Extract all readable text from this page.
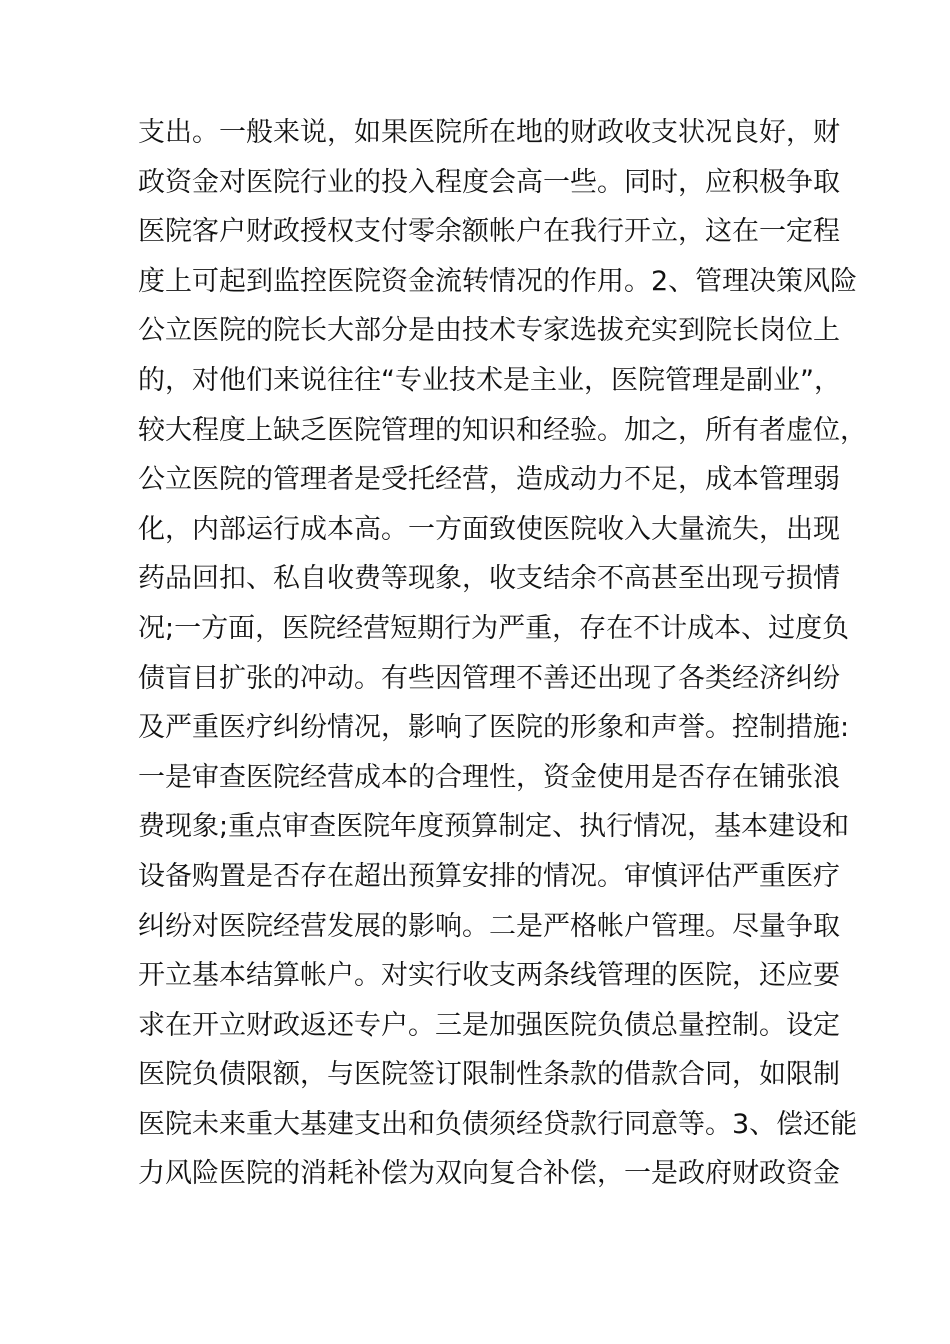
支出。一般来说，如果医院所在地的财政收支状况良好，财
政资金对医院行业的投入程度会高一些。同时，应积极争取
医院客户财政授权支付零余额帐户在我行开立，这在一定程
度上可起到监控医院资金流转情况的作用。2、管理决策风险
公立医院的院长大部分是由技术专家选拔充实到院长岗位上
的，对他们来说往往“专业技术是主业，医院管理是副业”，
较大程度上缺乏医院管理的知识和经验。加之，所有者虚位，
公立医院的管理者是受托经营，造成动力不足，成本管理弱
化，内部运行成本高。一方面致使医院收入大量流失，出现
药品回扣、私自收费等现象，收支结余不高甚至出现亏损情
况;一方面，医院经营短期行为严重，存在不计成本、过度负
债盲目扩张的冲动。有些因管理不善还出现了各类经济纠纷
及严重医疗纠纷情况，影响了医院的形象和声誉。控制措施:
一是审查医院经营成本的合理性，资金使用是否存在铺张浪
费现象;重点审查医院年度预算制定、执行情况，基本建设和
设备购置是否存在超出预算安排的情况。审慎评估严重医疗
纠纷对医院经营发展的影响。二是严格帐户管理。尽量争取
开立基本结算帐户。对实行收支两条线管理的医院，还应要
求在开立财政返还专户。三是加强医院负债总量控制。设定
医院负债限额，与医院签订限制性条款的借款合同，如限制
医院未来重大基建支出和负债须经贷款行同意等。3、偿还能
力风险医院的消耗补偿为双向复合补偿，一是政府财政资金
